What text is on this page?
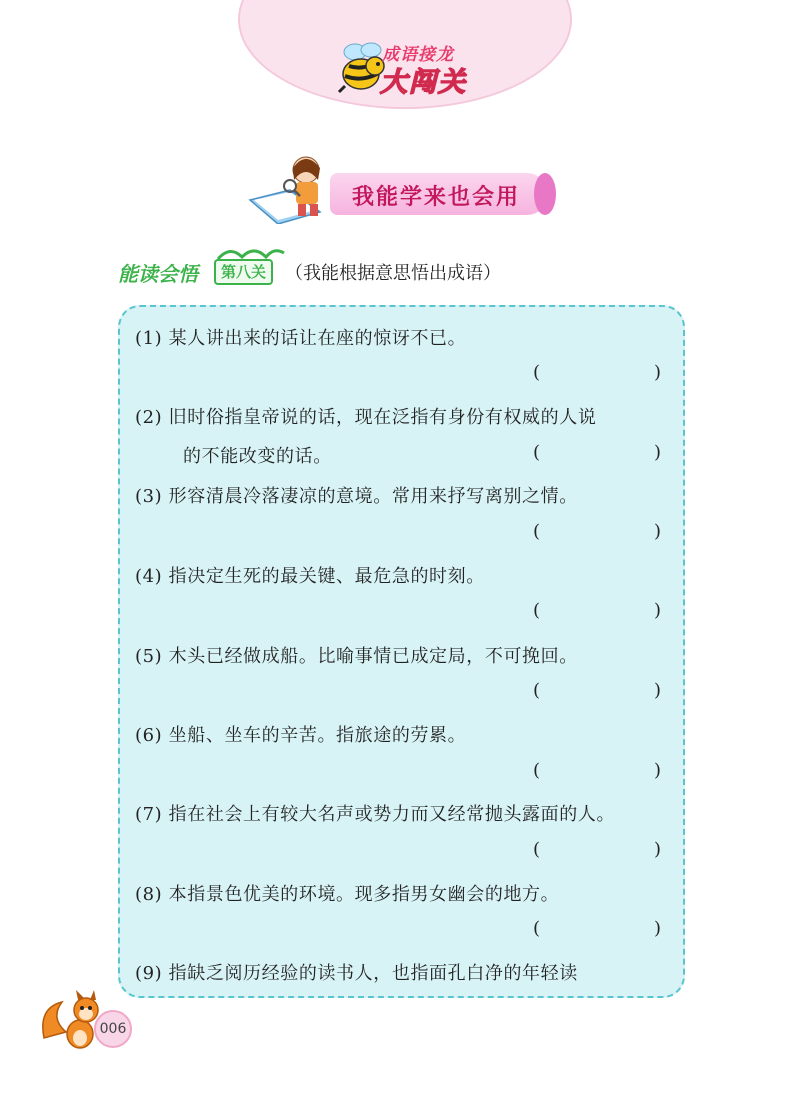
成语接龙
大闯关
我能学来也会用
能读会悟	第八关	（我能根据意思悟出成语）
(1) 某人讲出来的话让在座的惊讶不已。
(	)
(2) 旧时俗指皇帝说的话，现在泛指有身份有权威的人说
的不能改变的话。	(	)
(3) 形容清晨冷落凄凉的意境。常用来抒写离别之情。
(	)
(4) 指决定生死的最关键、最危急的时刻。
(	)
(5) 木头已经做成船。比喻事情已成定局，不可挽回。
(	)
(6) 坐船、坐车的辛苦。指旅途的劳累。
(	)
(7) 指在社会上有较大名声或势力而又经常抛头露面的人。
(	)
(8) 本指景色优美的环境。现多指男女幽会的地方。
(	)
(9) 指缺乏阅历经验的读书人，也指面孔白净的年轻读
006
